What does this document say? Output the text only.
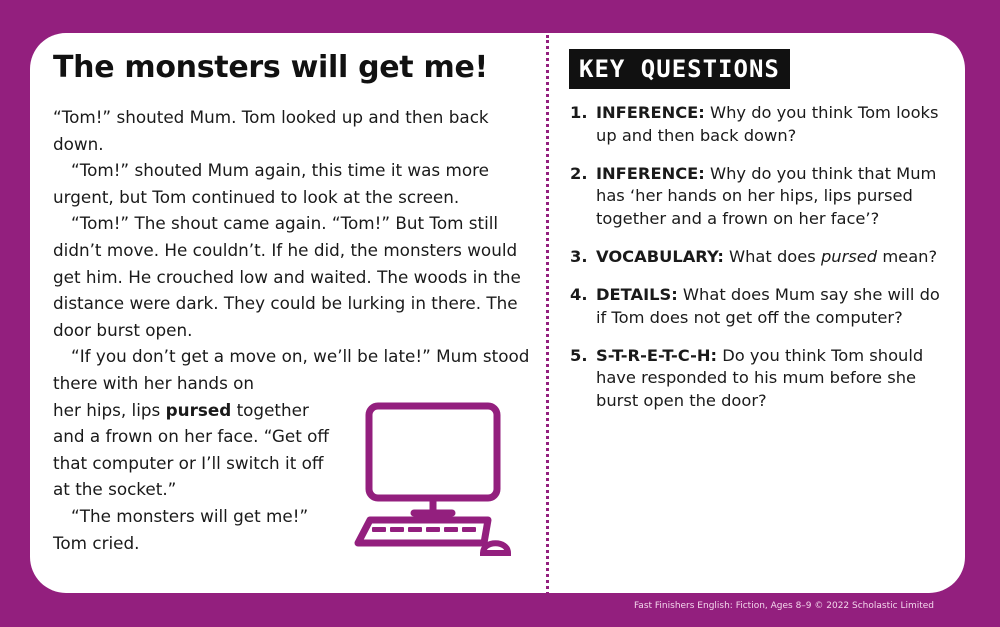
The monsters will get me!

“Tom!” shouted Mum. Tom looked up and then back down.

“Tom!” shouted Mum again, this time it was more urgent, but Tom continued to look at the screen.

“Tom!” The shout came again. “Tom!” But Tom still didn’t move. He couldn’t. If he did, the monsters would get him. He crouched low and waited. The woods in the distance were dark. They could be lurking in there. The door burst open.

“If you don’t get a move on, we’ll be late!” Mum stood there with her hands on

her hips, lips pursed together and a frown on her face. “Get off that computer or I’ll switch it off at the socket.”

“The monsters will get me!” Tom cried.

KEY QUESTIONS
1. INFERENCE: Why do you think Tom looks up and then back down?
2. INFERENCE: Why do you think that Mum has ‘her hands on her hips, lips pursed together and a frown on her face’?
3. VOCABULARY: What does pursed mean?
4. DETAILS: What does Mum say she will do if Tom does not get off the computer?
5. S-T-R-E-T-C-H: Do you think Tom should have responded to his mum before she burst open the door?
Fast Finishers English: Fiction, Ages 8–9 © 2022 Scholastic Limited
